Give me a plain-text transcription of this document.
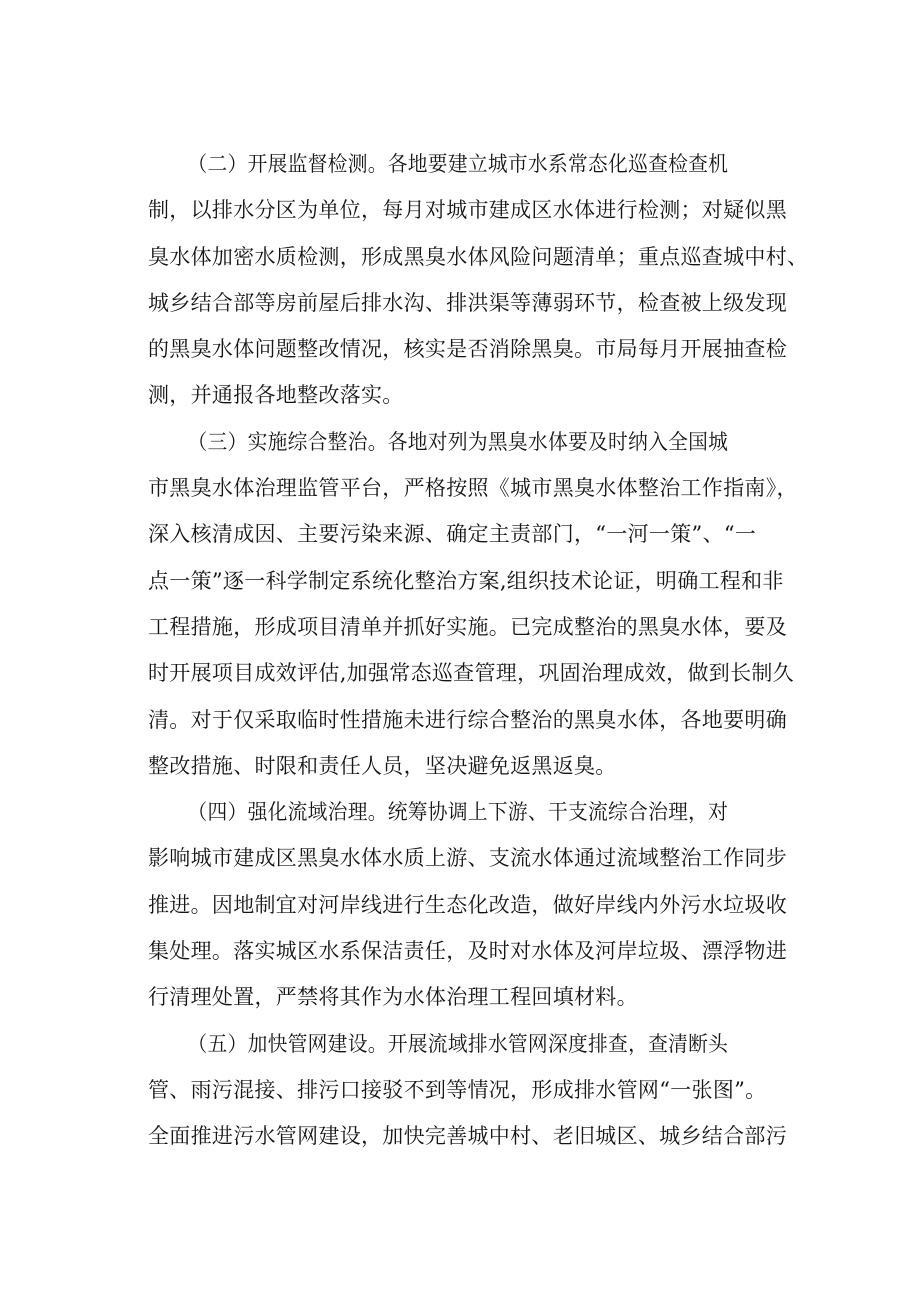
（二）开展监督检测。各地要建立城市水系常态化巡查检查机
制，以排水分区为单位，每月对城市建成区水体进行检测；对疑似黑
臭水体加密水质检测，形成黑臭水体风险问题清单；重点巡查城中村、
城乡结合部等房前屋后排水沟、排洪渠等薄弱环节，检查被上级发现
的黑臭水体问题整改情况，核实是否消除黑臭。市局每月开展抽查检
测，并通报各地整改落实。
（三）实施综合整治。各地对列为黑臭水体要及时纳入全国城
市黑臭水体治理监管平台，严格按照《城市黑臭水体整治工作指南》，
深入核清成因、主要污染来源、确定主责部门，“一河一策”、“一
点一策”逐一科学制定系统化整治方案,组织技术论证，明确工程和非
工程措施，形成项目清单并抓好实施。已完成整治的黑臭水体，要及
时开展项目成效评估,加强常态巡查管理，巩固治理成效，做到长制久
清。对于仅采取临时性措施未进行综合整治的黑臭水体，各地要明确
整改措施、时限和责任人员，坚决避免返黑返臭。
（四）强化流域治理。统筹协调上下游、干支流综合治理，对
影响城市建成区黑臭水体水质上游、支流水体通过流域整治工作同步
推进。因地制宜对河岸线进行生态化改造，做好岸线内外污水垃圾收
集处理。落实城区水系保洁责任，及时对水体及河岸垃圾、漂浮物进
行清理处置，严禁将其作为水体治理工程回填材料。
（五）加快管网建设。开展流域排水管网深度排查，查清断头
管、雨污混接、排污口接驳不到等情况，形成排水管网“一张图”。
全面推进污水管网建设，加快完善城中村、老旧城区、城乡结合部污
